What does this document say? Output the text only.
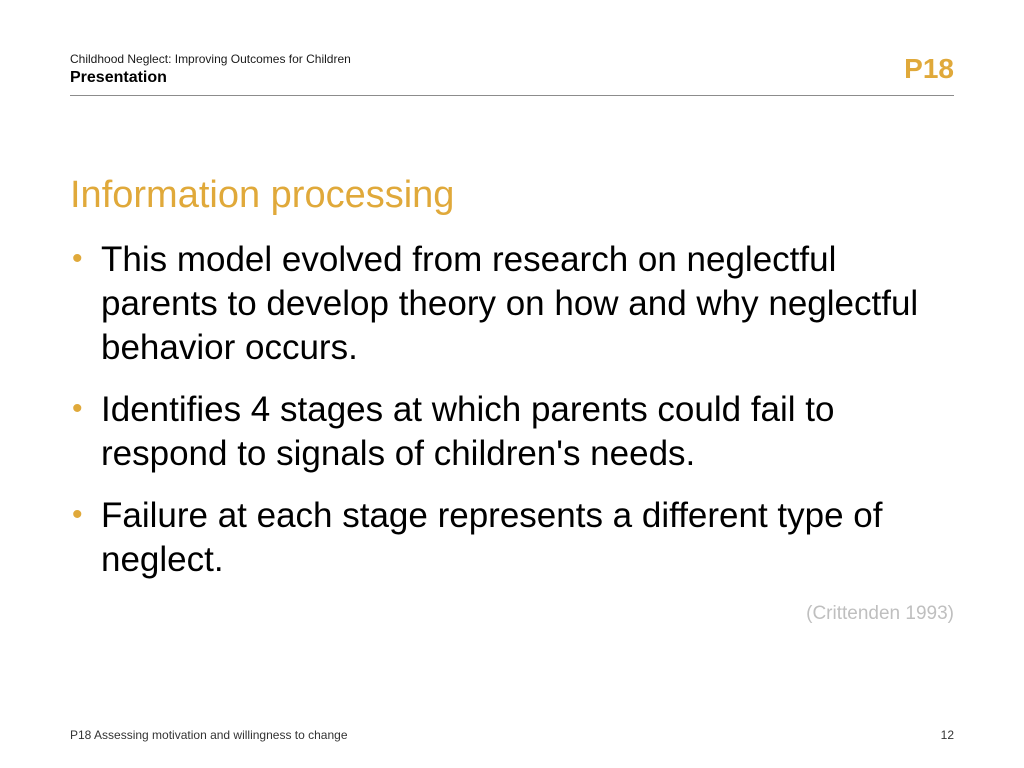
Childhood Neglect: Improving Outcomes for Children
Presentation	P18
Information processing
• This model evolved from research on neglectful parents to develop theory on how and why neglectful behavior occurs.
• Identifies 4 stages at which parents could fail to respond to signals of children's needs.
• Failure at each stage represents a different type of neglect.
(Crittenden 1993)
P18 Assessing motivation and willingness to change	12
